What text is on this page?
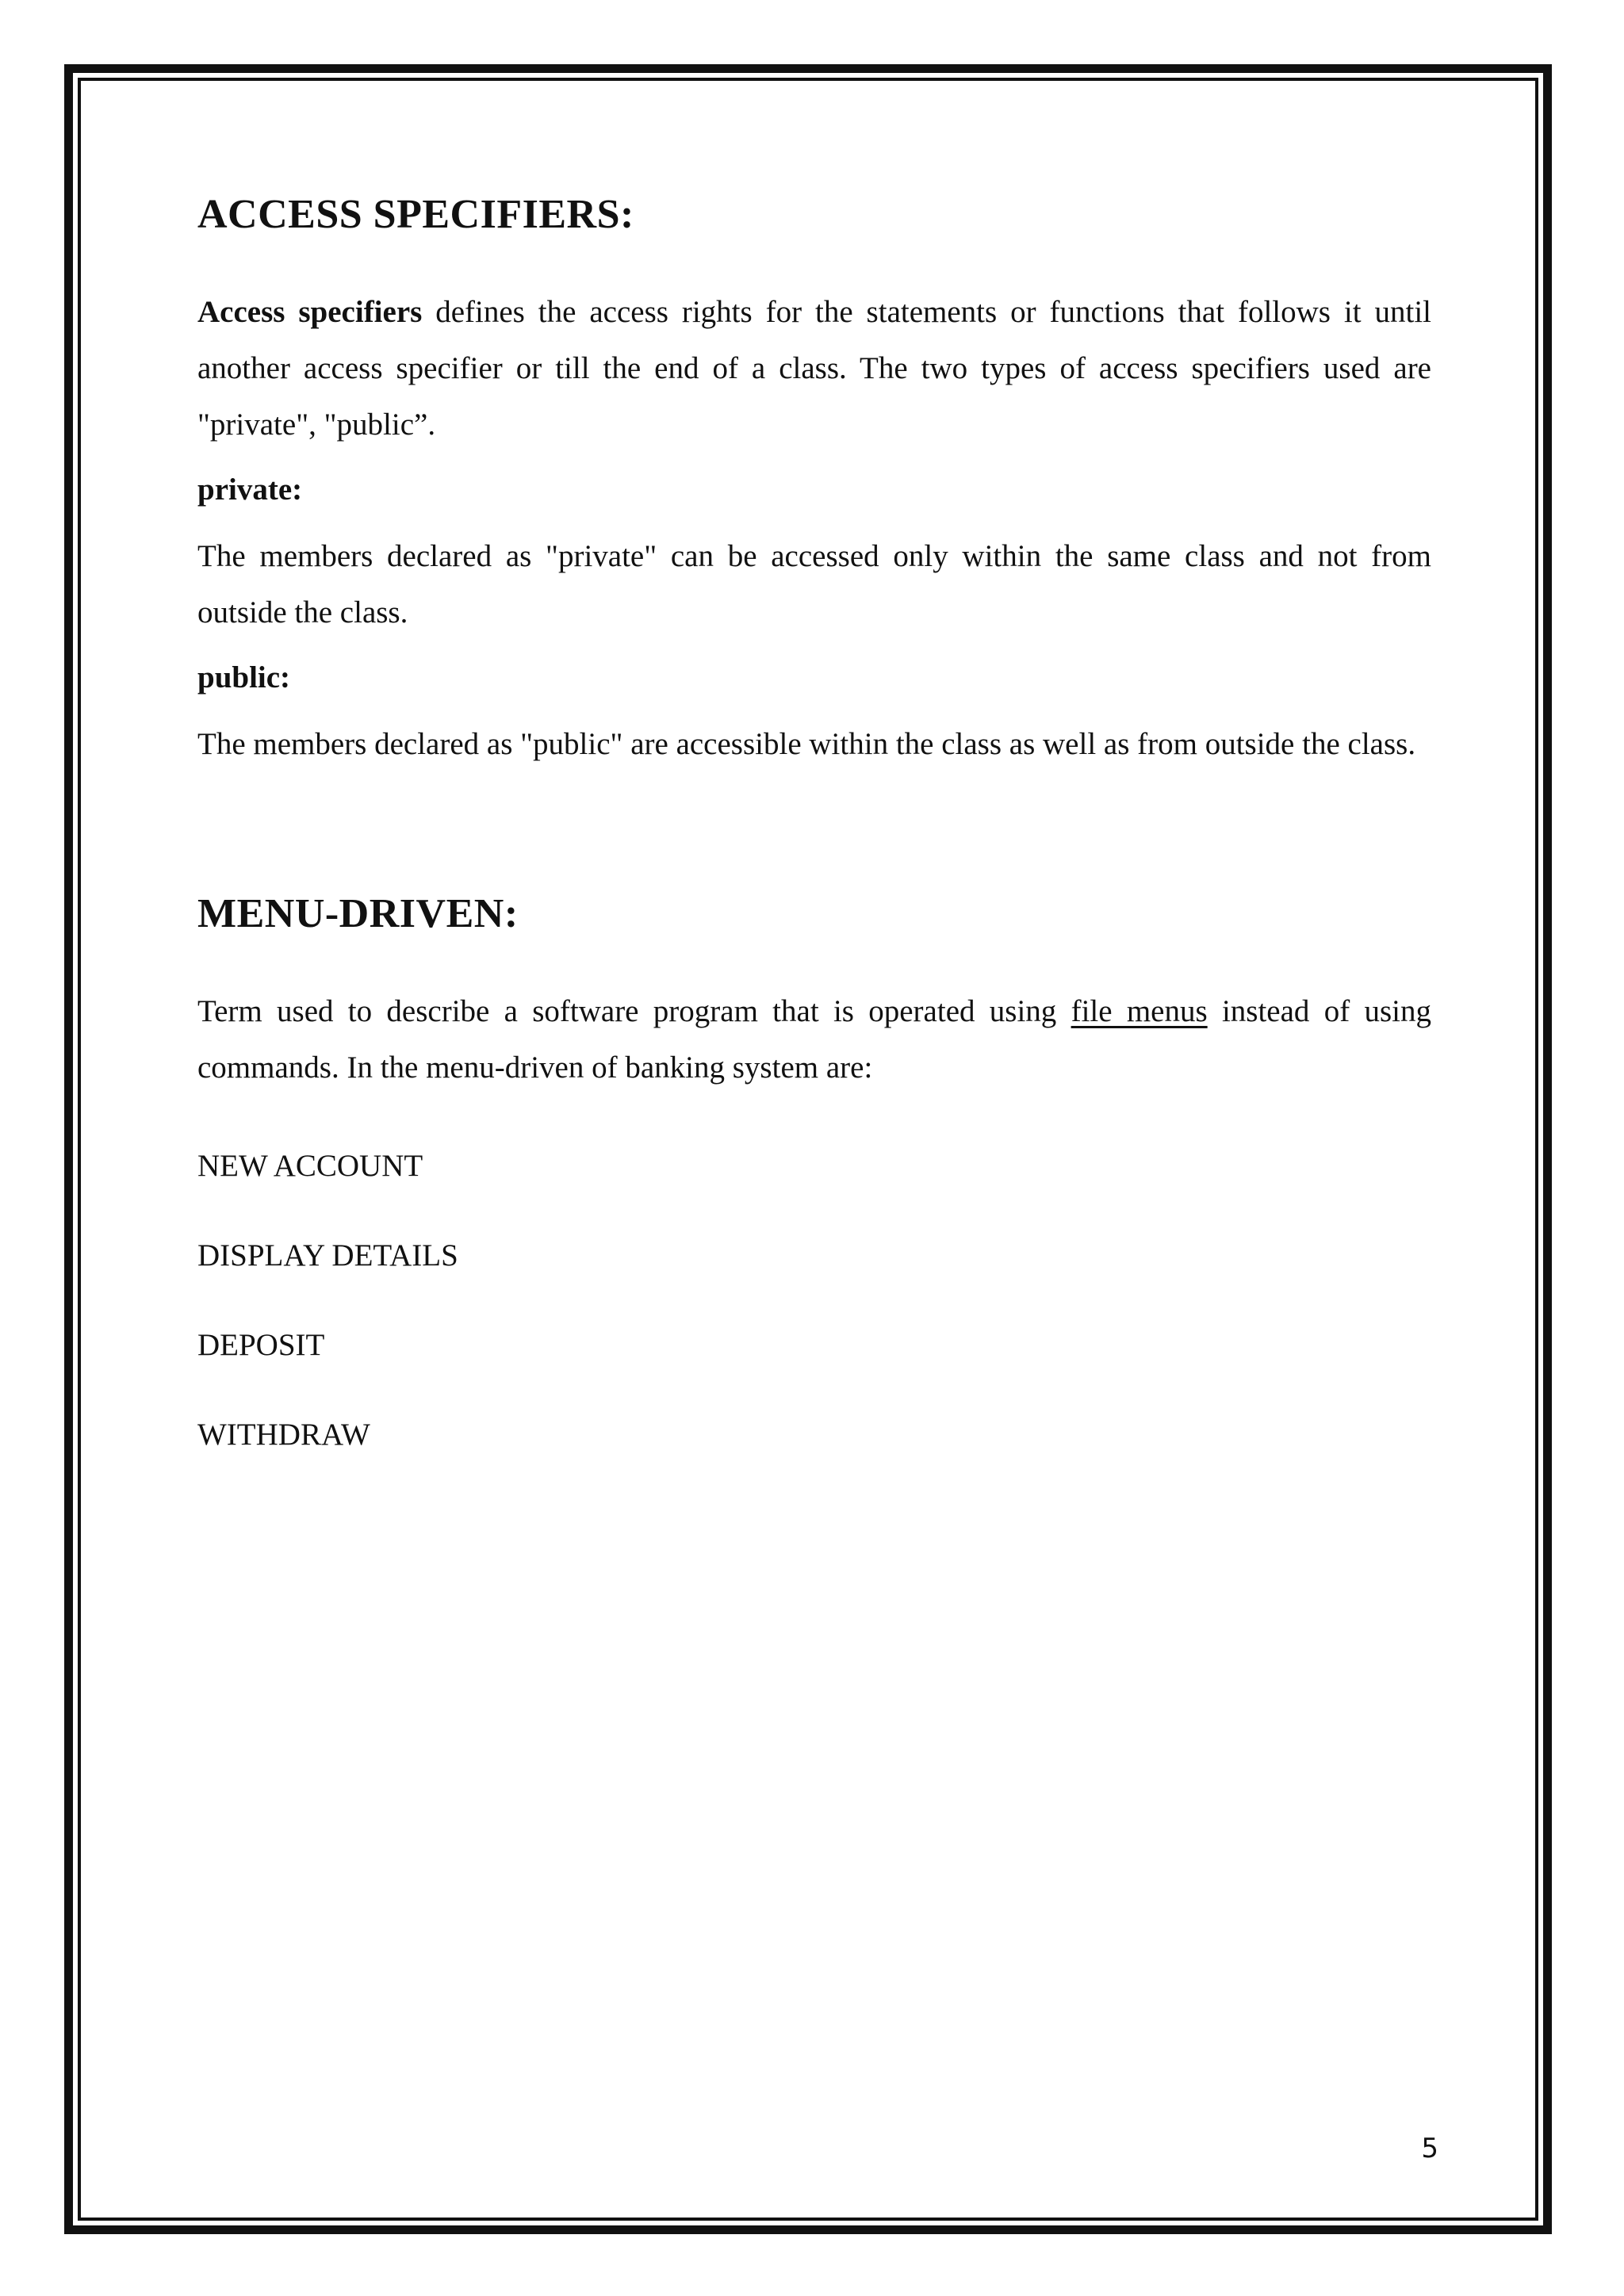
ACCESS SPECIFIERS:

Access specifiers defines the access rights for the statements or functions that follows it until another access specifier or till the end of a class. The two types of access specifiers used are "private", "public”.

private:

The members declared as "private" can be accessed only within the same class and not from outside the class.

public:

The members declared as "public" are accessible within the class as well as from outside the class.

MENU-DRIVEN:

Term used to describe a software program that is operated using file menus instead of using commands. In the menu-driven of banking system are:

NEW ACCOUNT
DISPLAY DETAILS
DEPOSIT
WITHDRAW
5
